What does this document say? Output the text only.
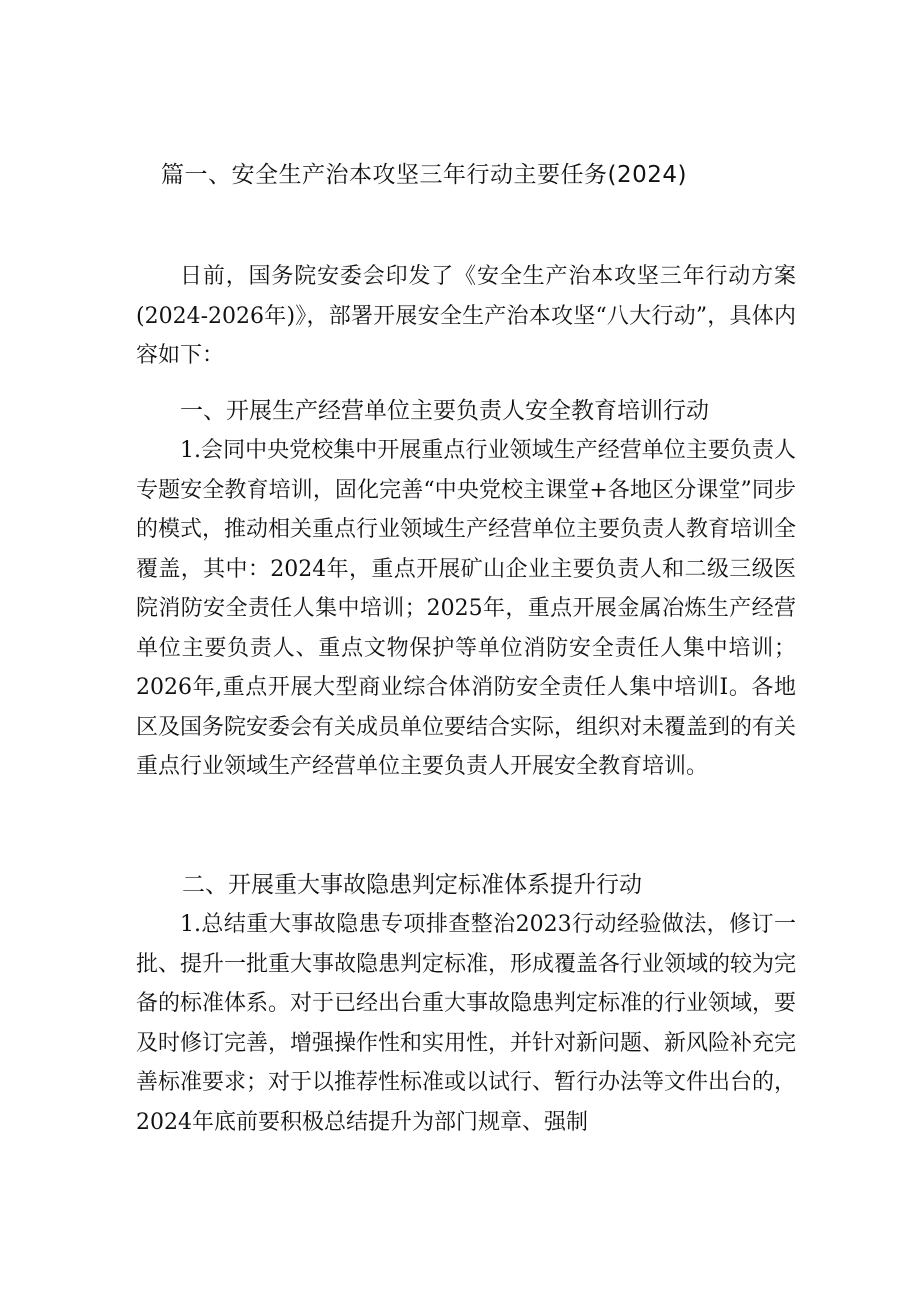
篇一、安全生产治本攻坚三年行动主要任务(2024)
日前，国务院安委会印发了《安全生产治本攻坚三年行动方案(2024-2026年)》，部署开展安全生产治本攻坚“八大行动”，具体内容如下：
一、开展生产经营单位主要负责人安全教育培训行动
1.会同中央党校集中开展重点行业领域生产经营单位主要负责人专题安全教育培训，固化完善“中央党校主课堂+各地区分课堂”同步的模式，推动相关重点行业领域生产经营单位主要负责人教育培训全覆盖，其中：2024年，重点开展矿山企业主要负责人和二级三级医院消防安全责任人集中培训；2025年，重点开展金属冶炼生产经营单位主要负责人、重点文物保护等单位消防安全责任人集中培训；2026年,重点开展大型商业综合体消防安全责任人集中培训I。各地区及国务院安委会有关成员单位要结合实际，组织对未覆盖到的有关重点行业领域生产经营单位主要负责人开展安全教育培训。
二、开展重大事故隐患判定标准体系提升行动
1.总结重大事故隐患专项排查整治2023行动经验做法，修订一批、提升一批重大事故隐患判定标准，形成覆盖各行业领域的较为完备的标准体系。对于已经出台重大事故隐患判定标准的行业领域，要及时修订完善，增强操作性和实用性，并针对新问题、新风险补充完善标准要求；对于以推荐性标准或以试行、暂行办法等文件出台的，2024年底前要积极总结提升为部门规章、强制
